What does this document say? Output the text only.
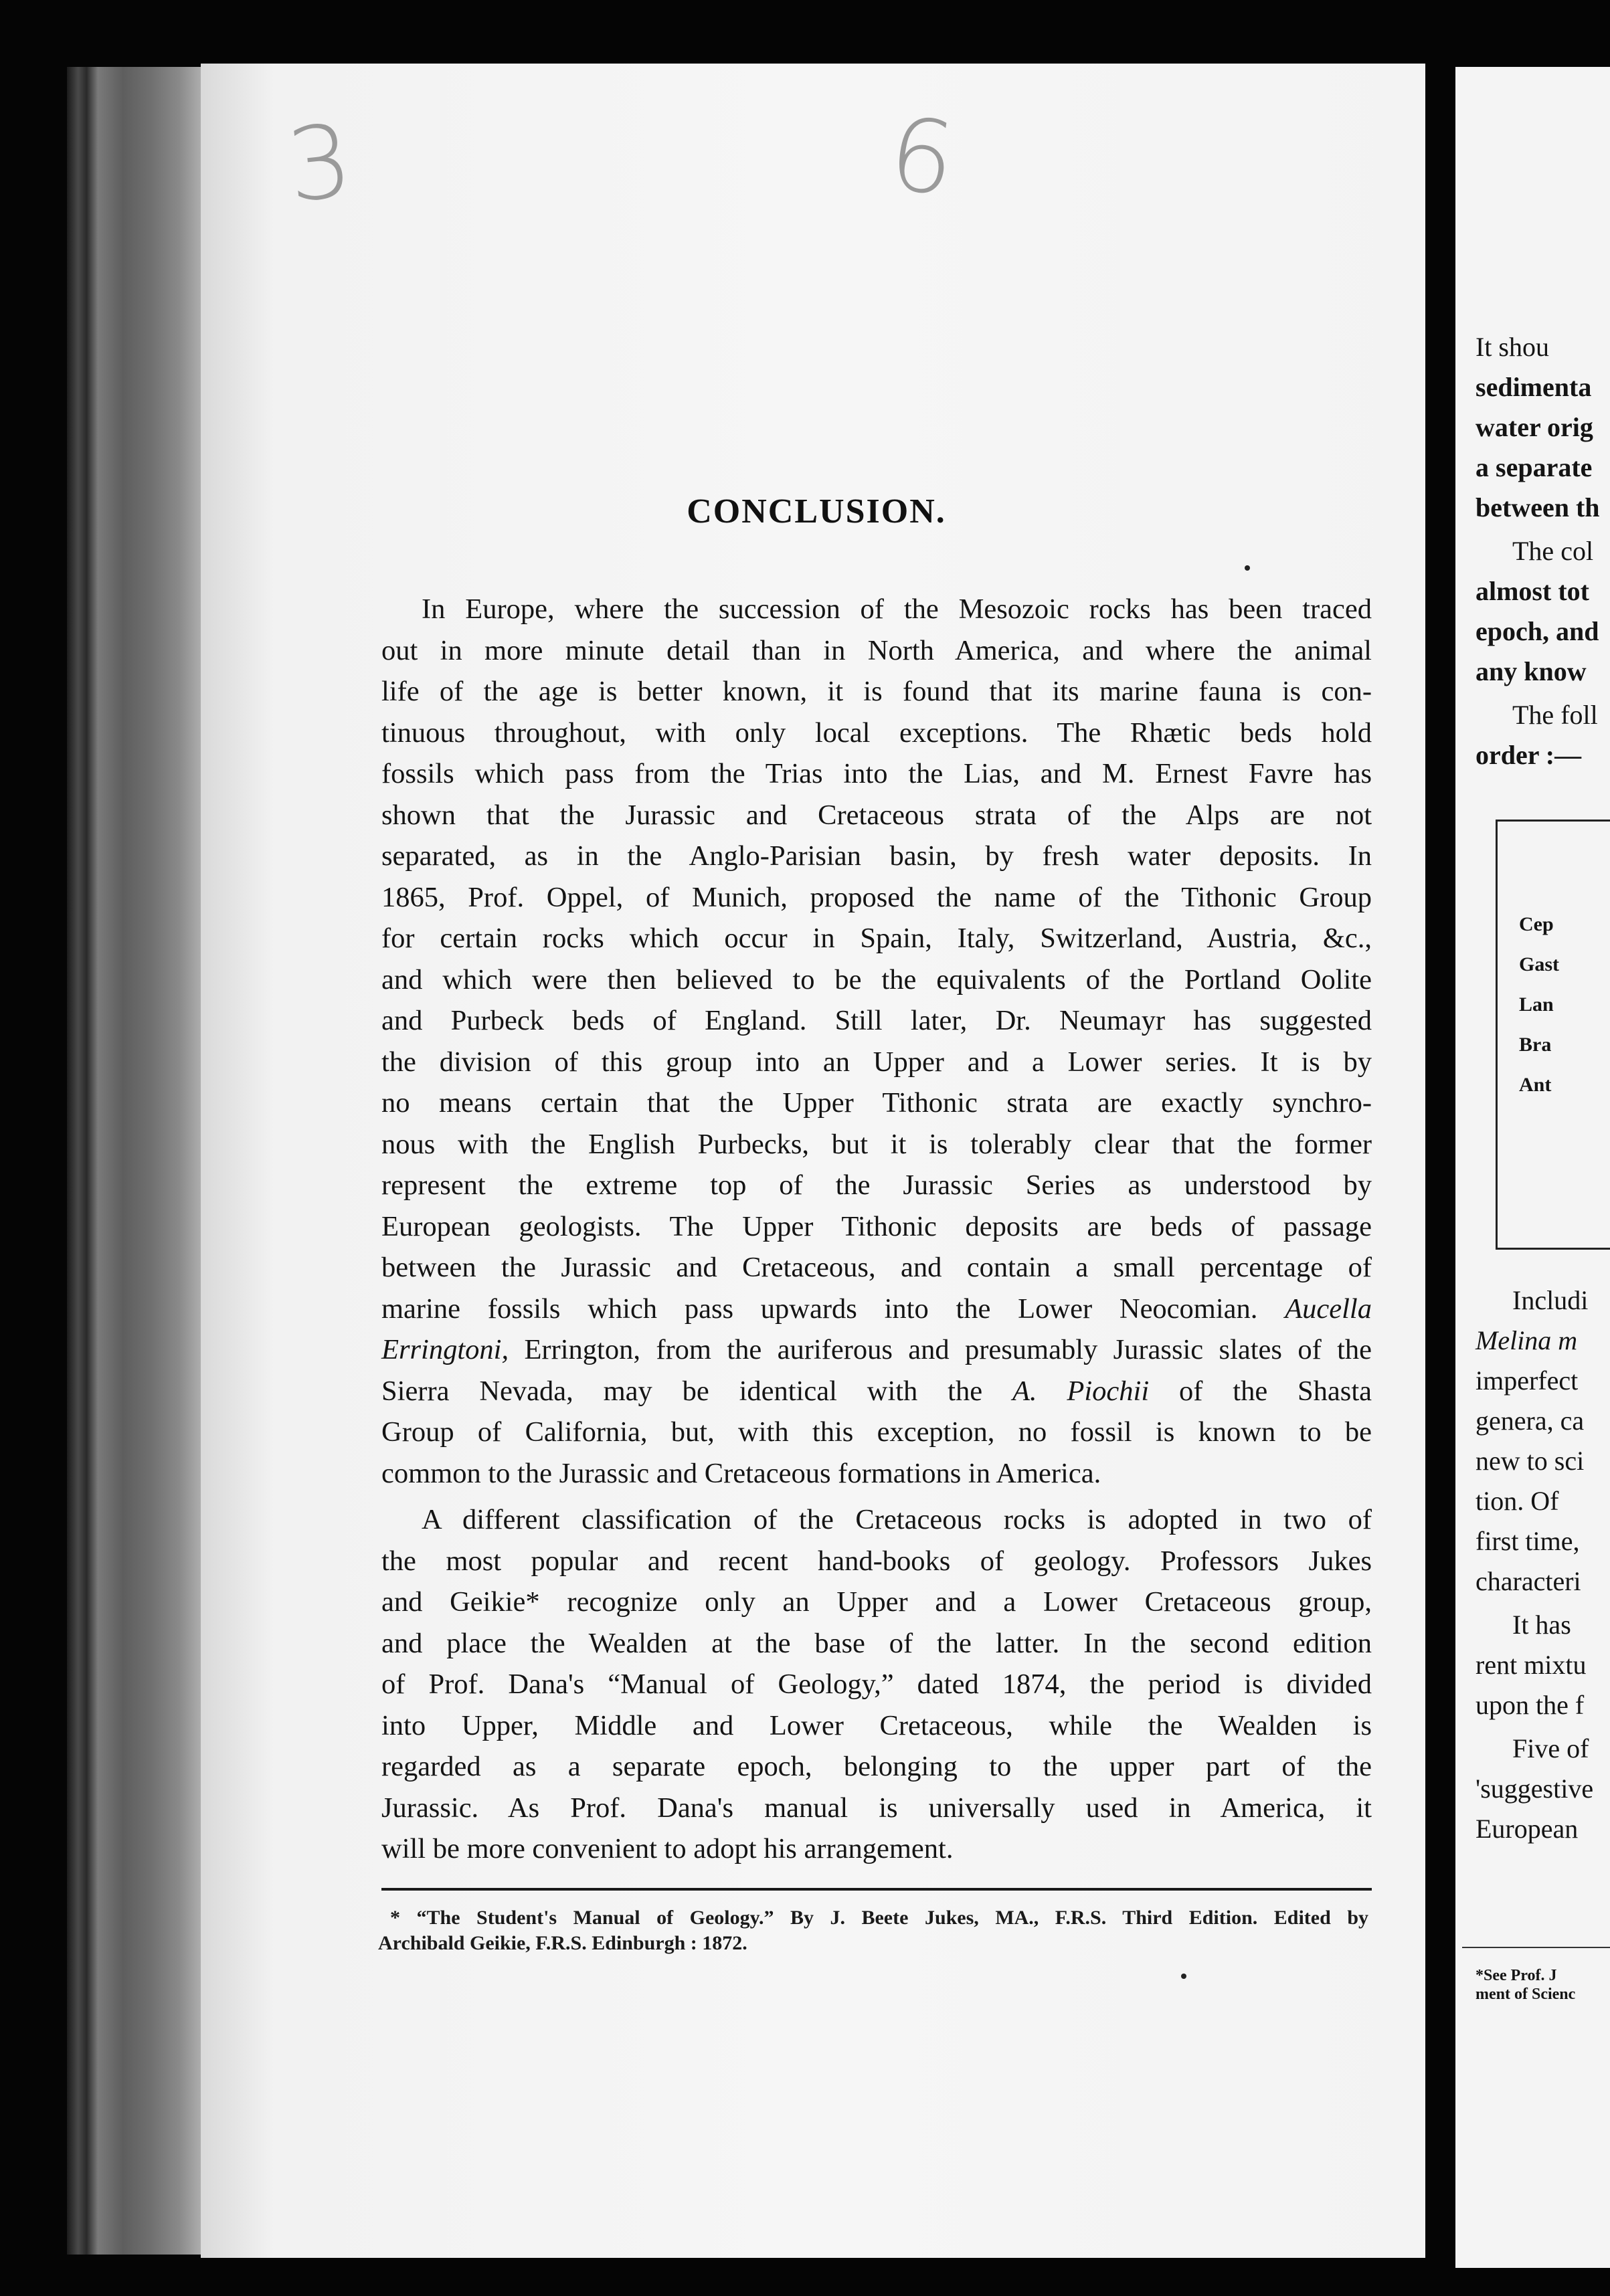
3	6
CONCLUSION.
In Europe, where the succession of the Mesozoic rocks has been traced
out in more minute detail than in North America, and where the animal
life of the age is better known, it is found that its marine fauna is con-
tinuous throughout, with only local exceptions. The Rhætic beds hold
fossils which pass from the Trias into the Lias, and M. Ernest Favre has
shown that the Jurassic and Cretaceous strata of the Alps are not
separated, as in the Anglo-Parisian basin, by fresh water deposits. In
1865, Prof. Oppel, of Munich, proposed the name of the Tithonic Group
for certain rocks which occur in Spain, Italy, Switzerland, Austria, &c.,
and which were then believed to be the equivalents of the Portland Oolite
and Purbeck beds of England. Still later, Dr. Neumayr has suggested
the division of this group into an Upper and a Lower series. It is by
no means certain that the Upper Tithonic strata are exactly synchro-
nous with the English Purbecks, but it is tolerably clear that the former
represent the extreme top of the Jurassic Series as understood by
European geologists. The Upper Tithonic deposits are beds of passage
between the Jurassic and Cretaceous, and contain a small percentage of
marine fossils which pass upwards into the Lower Neocomian. Aucella
Erringtoni, Errington, from the auriferous and presumably Jurassic slates of the
Sierra Nevada, may be identical with the A. Piochii of the Shasta
Group of California, but, with this exception, no fossil is known to be
common to the Jurassic and Cretaceous formations in America.
A different classification of the Cretaceous rocks is adopted in two of
the most popular and recent hand-books of geology. Professors Jukes
and Geikie* recognize only an Upper and a Lower Cretaceous group,
and place the Wealden at the base of the latter. In the second edition
of Prof. Dana's “Manual of Geology,” dated 1874, the period is divided
into Upper, Middle and Lower Cretaceous, while the Wealden is
regarded as a separate epoch, belonging to the upper part of the
Jurassic. As Prof. Dana's manual is universally used in America, it
will be more convenient to adopt his arrangement.
* “The Student's Manual of Geology.” By J. Beete Jukes, MA., F.R.S. Third Edition. Edited by
Archibald Geikie, F.R.S. Edinburgh : 1872.
It shou
sedimenta
water orig
a separate
between th
The col
almost tot
epoch, and
any know
The foll
order :—
Cep
Gast
Lan
Bra
Ant
Includi
Melina m
imperfect
genera, ca
new to sci
tion. Of
first time,
characteri
It has
rent mixtu
upon the f
Five of
'suggestive
European
*See Prof. J
ment of Scienc
